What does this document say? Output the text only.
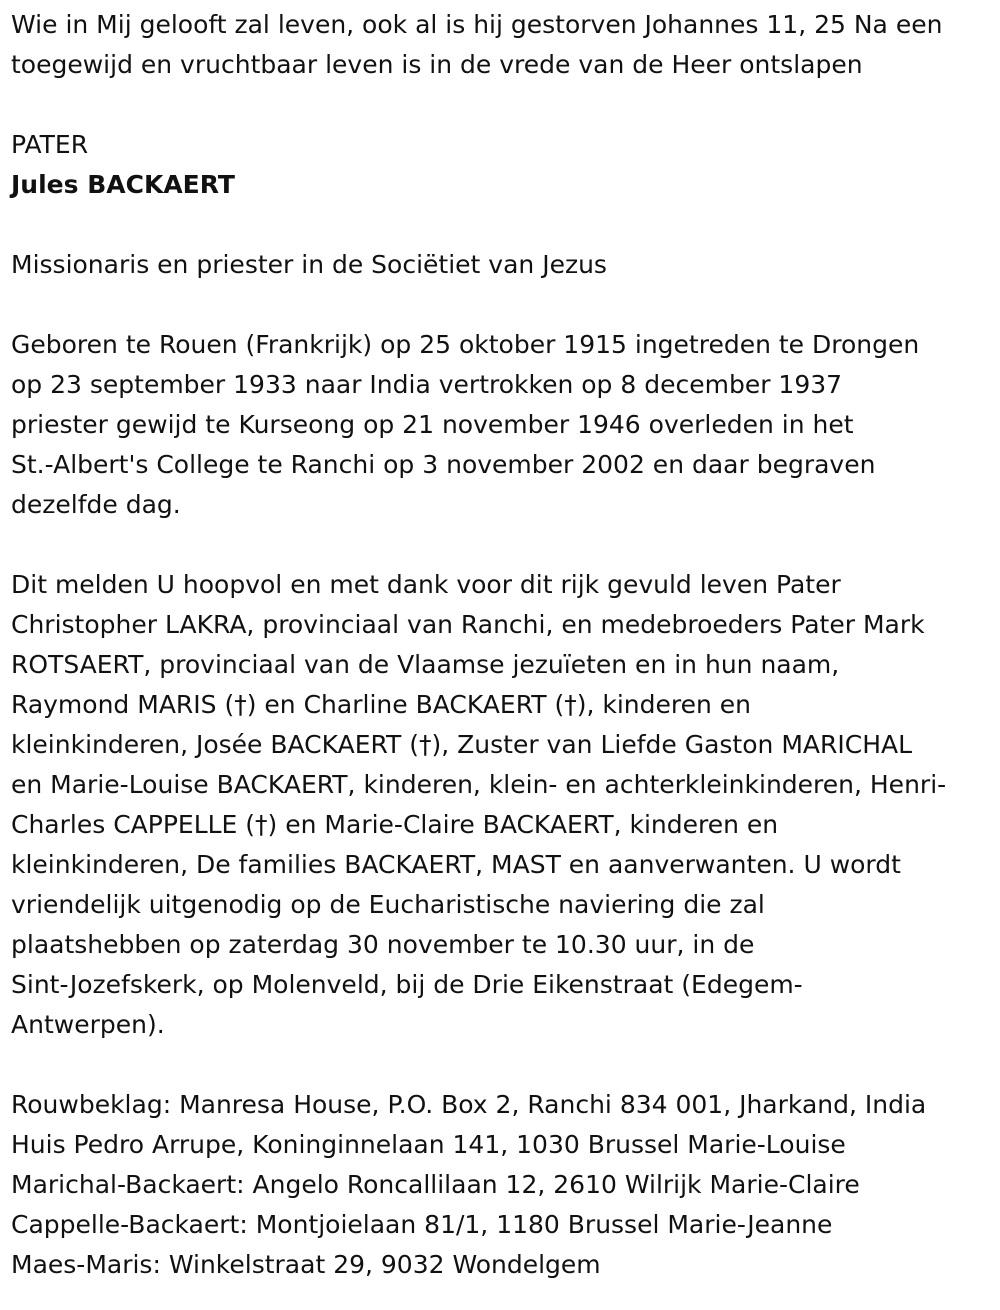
Wie in Mij gelooft zal leven, ook al is hij gestorven Johannes 11, 25 Na een

toegewijd en vruchtbaar leven is in de vrede van de Heer ontslapen

PATER

Jules BACKAERT

Missionaris en priester in de Sociëtiet van Jezus

Geboren te Rouen (Frankrijk) op 25 oktober 1915 ingetreden te Drongen

op 23 september 1933 naar India vertrokken op 8 december 1937

priester gewijd te Kurseong op 21 november 1946 overleden in het

St.-Albert's College te Ranchi op 3 november 2002 en daar begraven

dezelfde dag.

Dit melden U hoopvol en met dank voor dit rijk gevuld leven Pater

Christopher LAKRA, provinciaal van Ranchi, en medebroeders Pater Mark

ROTSAERT, provinciaal van de Vlaamse jezuïeten en in hun naam,

Raymond MARIS (†) en Charline BACKAERT (†), kinderen en

kleinkinderen, Josée BACKAERT (†), Zuster van Liefde Gaston MARICHAL

en Marie-Louise BACKAERT, kinderen, klein- en achterkleinkinderen, Henri-

Charles CAPPELLE (†) en Marie-Claire BACKAERT, kinderen en

kleinkinderen, De families BACKAERT, MAST en aanverwanten. U wordt

vriendelijk uitgenodig op de Eucharistische naviering die zal

plaatshebben op zaterdag 30 november te 10.30 uur, in de

Sint-Jozefskerk, op Molenveld, bij de Drie Eikenstraat (Edegem-

Antwerpen).

Rouwbeklag: Manresa House, P.O. Box 2, Ranchi 834 001, Jharkand, India

Huis Pedro Arrupe, Koninginnelaan 141, 1030 Brussel Marie-Louise

Marichal-Backaert: Angelo Roncallilaan 12, 2610 Wilrijk Marie-Claire

Cappelle-Backaert: Montjoielaan 81/1, 1180 Brussel Marie-Jeanne

Maes-Maris: Winkelstraat 29, 9032 Wondelgem
